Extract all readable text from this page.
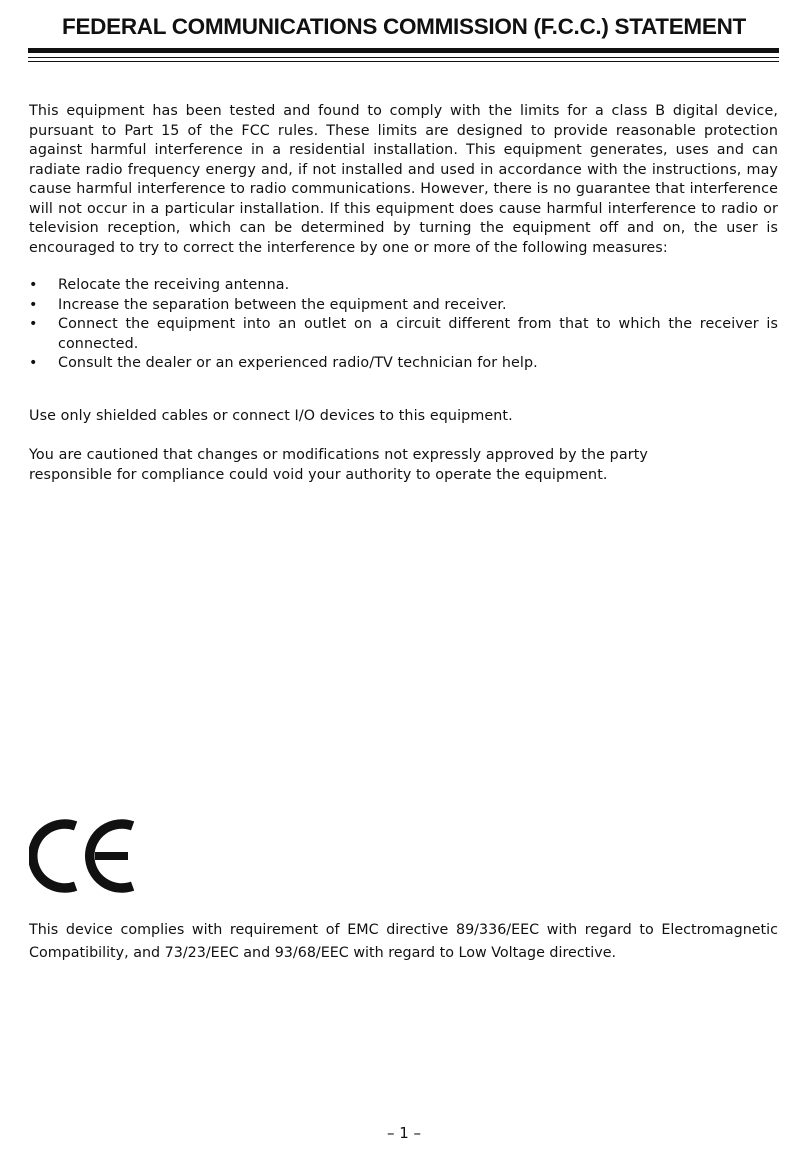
FEDERAL COMMUNICATIONS COMMISSION (F.C.C.) STATEMENT

This equipment has been tested and found to comply with the limits for a class B digital device, pursuant to Part 15 of the FCC rules. These limits are designed to provide reasonable protection against harmful interference in a residential installation. This equipment generates, uses and can radiate radio frequency energy and, if not installed and used in accordance with the instructions, may cause harmful interference to radio communications. However, there is no guarantee that interference will not occur in a particular installation. If this equipment does cause harmful interference to radio or television reception, which can be determined by turning the equipment off and on, the user is encouraged to try to correct the interference by one or more of the following measures:

• Relocate the receiving antenna.
• Increase the separation between the equipment and receiver.
• Connect the equipment into an outlet on a circuit different from that to which the receiver is connected.
• Consult the dealer or an experienced radio/TV technician for help.

Use only shielded cables or connect I/O devices to this equipment.

You are cautioned that changes or modifications not expressly approved by the party
responsible for compliance could void your authority to operate the equipment.

This device complies with requirement of EMC directive 89/336/EEC with regard to Electromagnetic Compatibility, and 73/23/EEC and 93/68/EEC with regard to Low Voltage directive.

– 1 –
